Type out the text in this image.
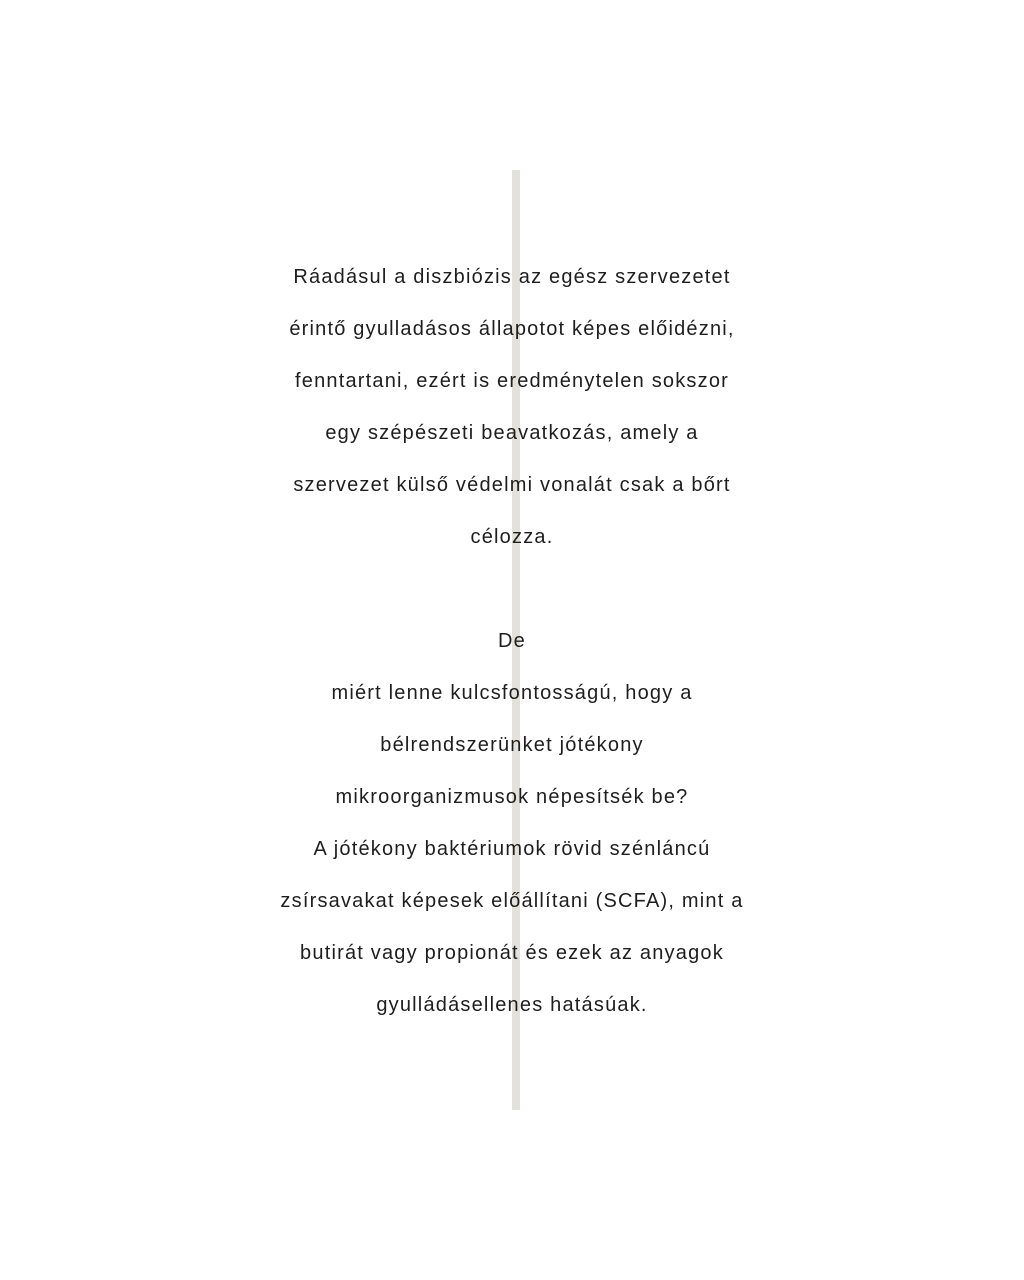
Ráadásul a diszbiózis az egész szervezetet
érintő gyulladásos állapotot képes előidézni,
fenntartani, ezért is eredménytelen sokszor
egy szépészeti beavatkozás, amely a
szervezet külső védelmi vonalát csak a bőrt
célozza.
De
miért lenne kulcsfontosságú, hogy a
bélrendszerünket jótékony
mikroorganizmusok népesítsék be?
A jótékony baktériumok rövid szénláncú
zsírsavakat képesek előállítani (SCFA), mint a
butirát vagy propionát és ezek az anyagok
gyulládásellenes hatásúak.
